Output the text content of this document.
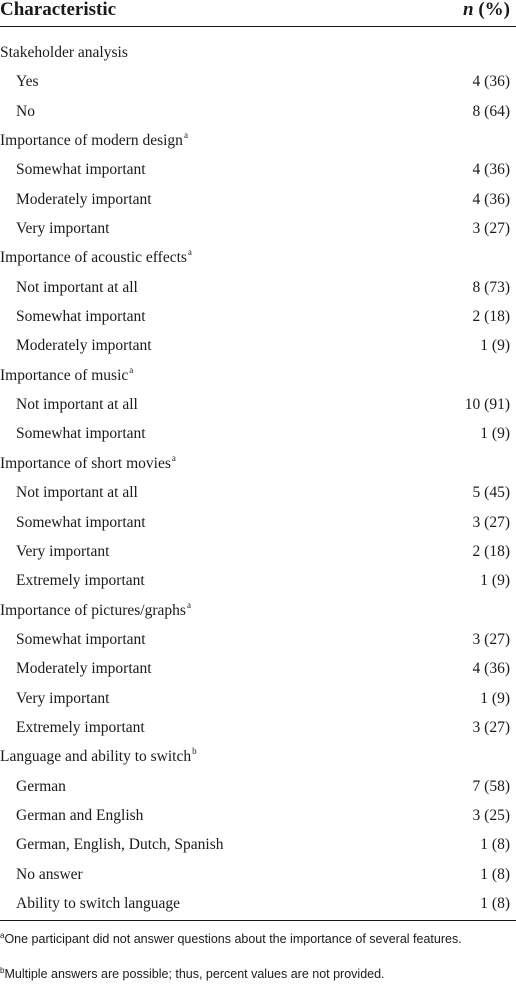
Characteristic	n (%)
Stakeholder analysis
Yes	4 (36)
No	8 (64)
Importance of modern design$^a$
Somewhat important	4 (36)
Moderately important	4 (36)
Very important	3 (27)
Importance of acoustic effects$^a$
Not important at all	8 (73)
Somewhat important	2 (18)
Moderately important	1 (9)
Importance of music$^a$
Not important at all	10 (91)
Somewhat important	1 (9)
Importance of short movies$^a$
Not important at all	5 (45)
Somewhat important	3 (27)
Very important	2 (18)
Extremely important	1 (9)
Importance of pictures/graphs$^a$
Somewhat important	3 (27)
Moderately important	4 (36)
Very important	1 (9)
Extremely important	3 (27)
Language and ability to switch$^b$
German	7 (58)
German and English	3 (25)
German, English, Dutch, Spanish	1 (8)
No answer	1 (8)
Ability to switch language	1 (8)
$^a$One participant did not answer questions about the importance of several features.
$^b$Multiple answers are possible; thus, percent values are not provided.
